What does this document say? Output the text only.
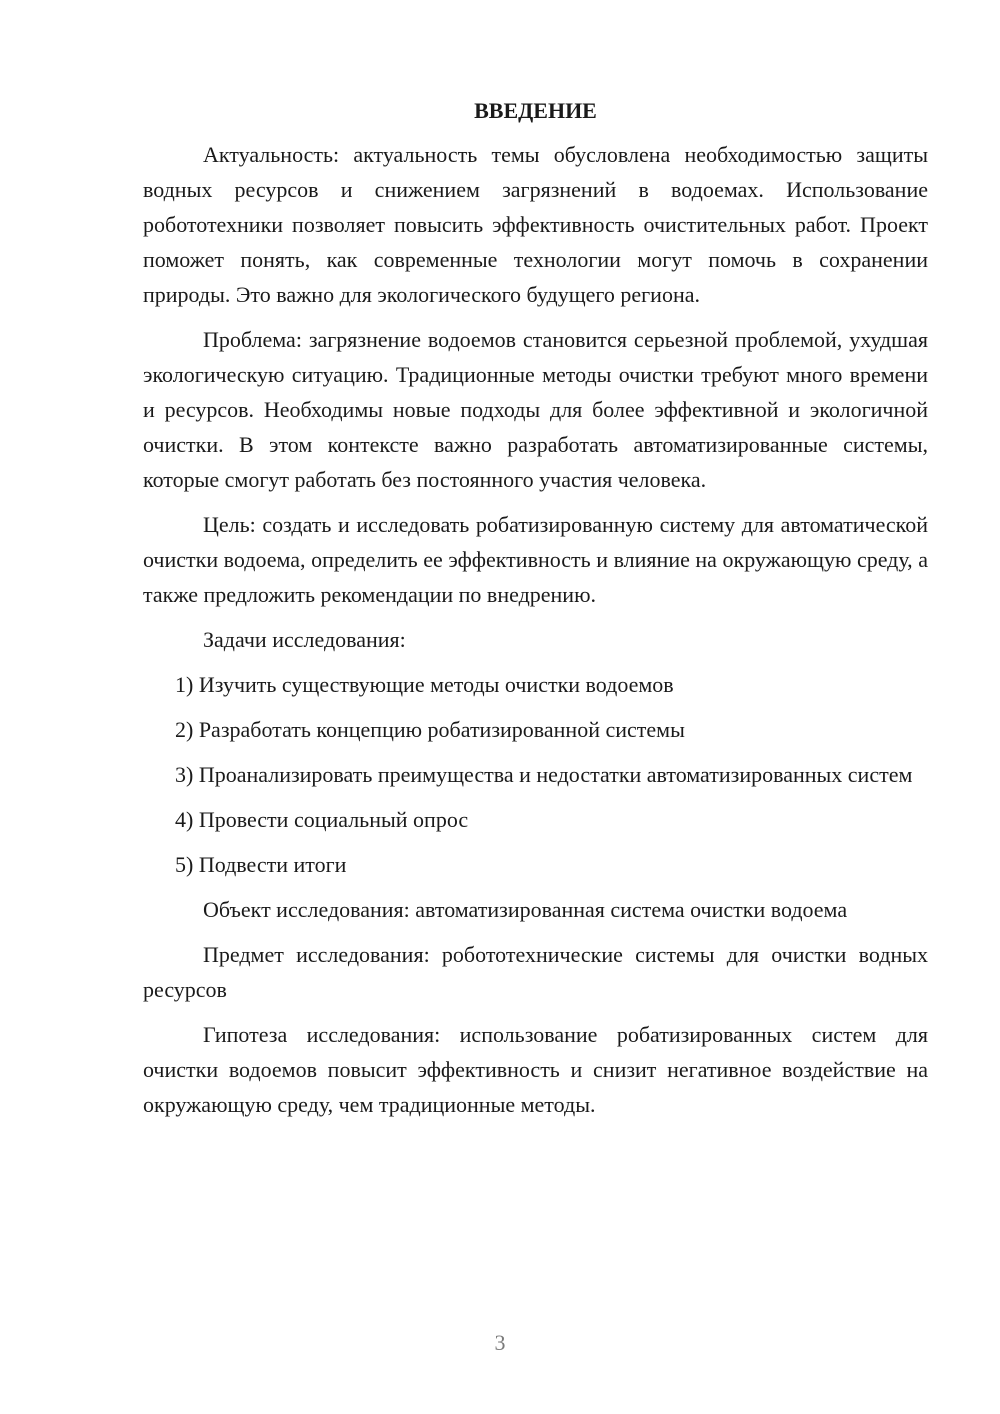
ВВЕДЕНИЕ

Актуальность: актуальность темы обусловлена необходимостью защиты водных ресурсов и снижением загрязнений в водоемах. Использование робототехники позволяет повысить эффективность очистительных работ. Проект поможет понять, как современные технологии могут помочь в сохранении природы. Это важно для экологического будущего региона.

Проблема: загрязнение водоемов становится серьезной проблемой, ухудшая экологическую ситуацию. Традиционные методы очистки требуют много времени и ресурсов. Необходимы новые подходы для более эффективной и экологичной очистки. В этом контексте важно разработать автоматизированные системы, которые смогут работать без постоянного участия человека.

Цель: создать и исследовать робатизированную систему для автоматической очистки водоема, определить ее эффективность и влияние на окружающую среду, а также предложить рекомендации по внедрению.

Задачи исследования:

1) Изучить существующие методы очистки водоемов

2) Разработать концепцию робатизированной системы

3) Проанализировать преимущества и недостатки автоматизированных систем

4) Провести социальный опрос

5) Подвести итоги

Объект исследования: автоматизированная система очистки водоема

Предмет исследования: робототехнические системы для очистки водных ресурсов

Гипотеза исследования: использование робатизированных систем для очистки водоемов повысит эффективность и снизит негативное воздействие на окружающую среду, чем традиционные методы.

3
